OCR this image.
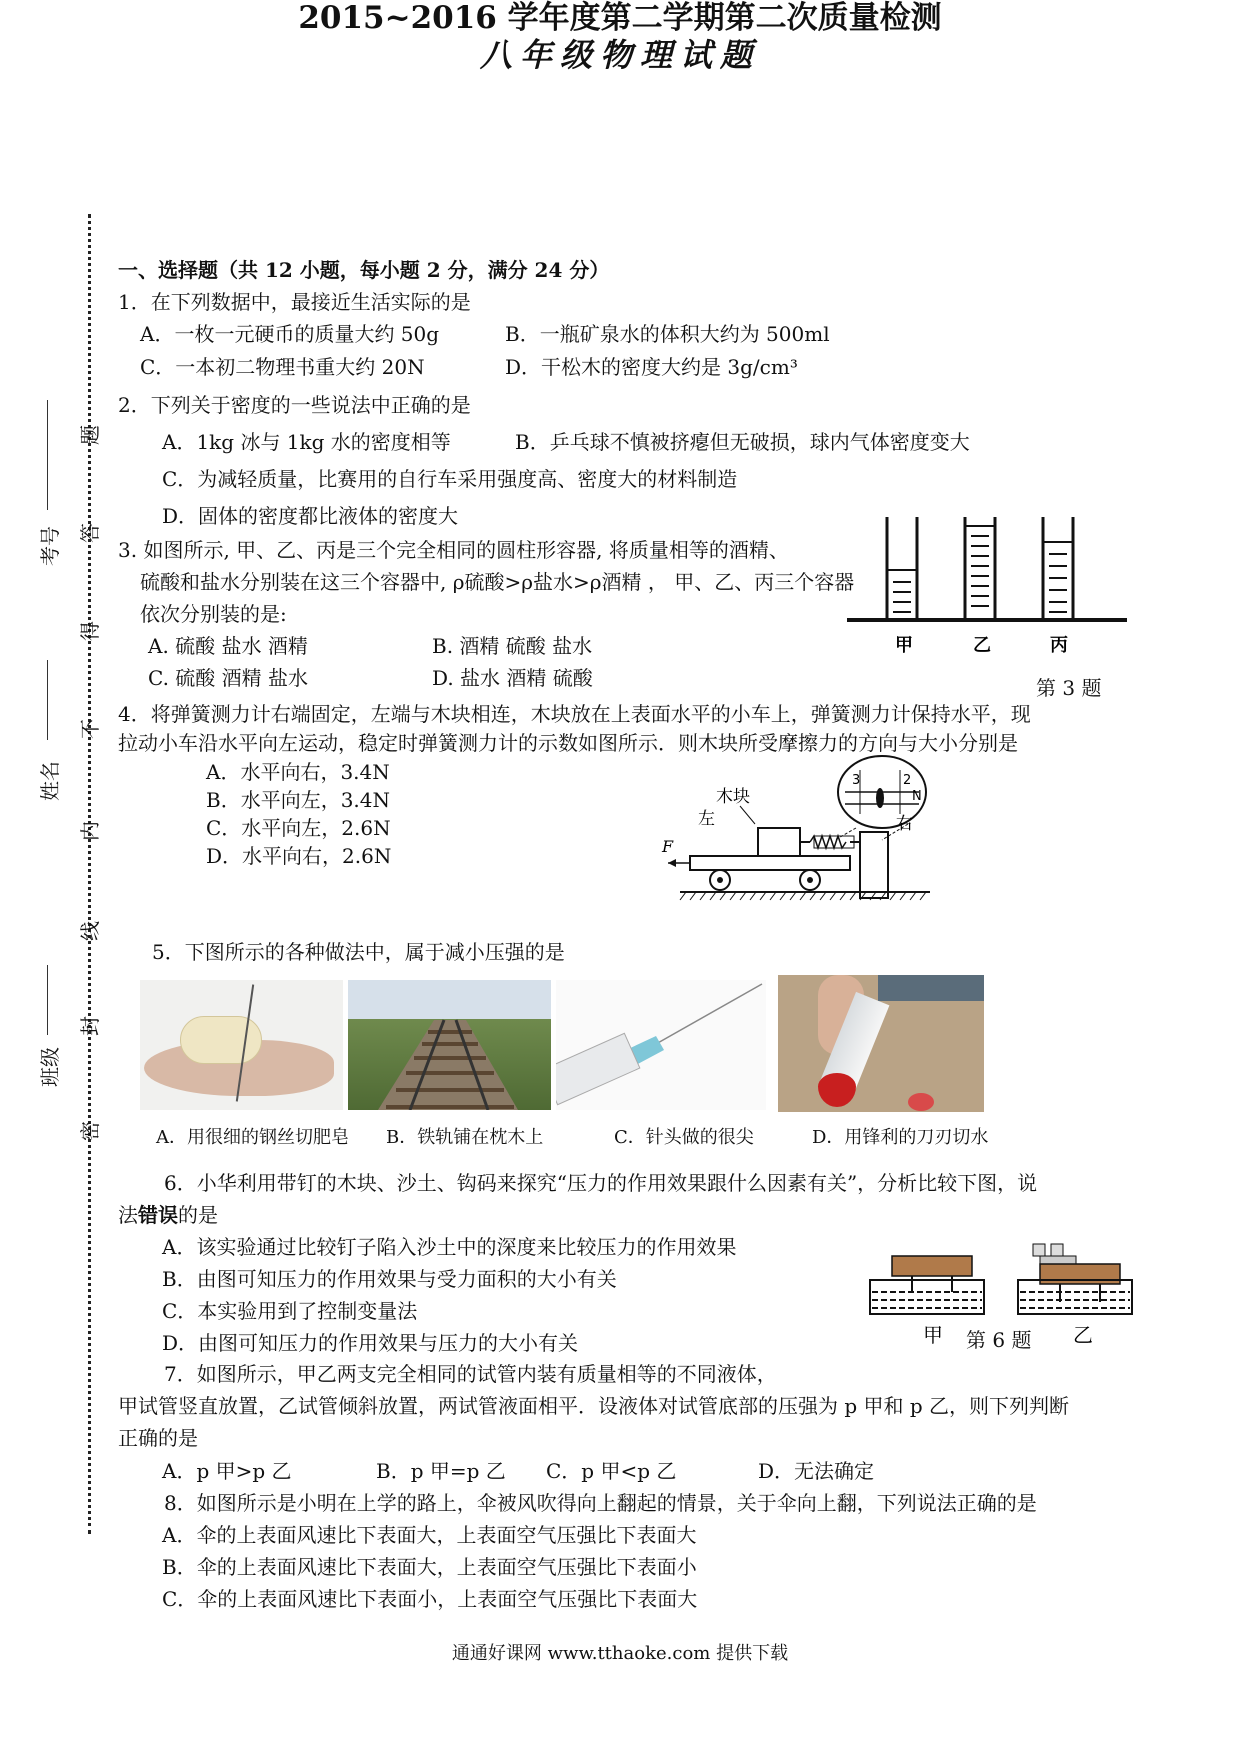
2015~2016 学年度第二学期第二次质量检测
八年级物理试题
班级
姓名
考号
密
封
线
内
不
得
答
题
一、选择题（共 12 小题，每小题 2 分，满分 24 分）
1．在下列数据中，最接近生活实际的是
A．一枚一元硬币的质量大约 50g	B．一瓶矿泉水的体积大约为 500ml
C．一本初二物理书重大约 20N	D．干松木的密度大约是 3g/cm³
2．下列关于密度的一些说法中正确的是
A．1kg 冰与 1kg 水的密度相等	B．乒乓球不慎被挤瘪但无破损，球内气体密度变大
C．为减轻质量，比赛用的自行车采用强度高、密度大的材料制造
D．固体的密度都比液体的密度大
3. 如图所示, 甲、乙、丙是三个完全相同的圆柱形容器, 将质量相等的酒精、
硫酸和盐水分别装在这三个容器中, ρ硫酸>ρ盐水>ρ酒精 ， 甲、乙、丙三个容器
依次分别装的是:
A. 硫酸 盐水 酒精	B. 酒精 硫酸 盐水
C. 硫酸 酒精 盐水	D. 盐水 酒精 硫酸
甲	乙	丙
第 3 题
4．将弹簧测力计右端固定，左端与木块相连，木块放在上表面水平的小车上，弹簧测力计保持水平，现
拉动小车沿水平向左运动，稳定时弹簧测力计的示数如图所示．则木块所受摩擦力的方向与大小分别是
A．水平向右，3.4N
B．水平向左，3.4N
C．水平向左，2.6N
D．水平向右，2.6N
3	2
N
木块
右
左
F
5．下图所示的各种做法中，属于减小压强的是
A．用很细的钢丝切肥皂 B．铁轨铺在枕木上	C．针头做的很尖	D．用锋利的刀刃切水
6．小华利用带钉的木块、沙土、钩码来探究“压力的作用效果跟什么因素有关”，分析比较下图，说
法错误的是
A．该实验通过比较钉子陷入沙土中的深度来比较压力的作用效果
B．由图可知压力的作用效果与受力面积的大小有关
C．本实验用到了控制变量法
D．由图可知压力的作用效果与压力的大小有关	甲	乙
第 6 题
7．如图所示，甲乙两支完全相同的试管内装有质量相等的不同液体，
甲试管竖直放置，乙试管倾斜放置，两试管液面相平．设液体对试管底部的压强为 p 甲和 p 乙，则下列判断
正确的是
A．p 甲>p 乙	B．p 甲=p 乙 C．p 甲<p 乙	D．无法确定
8．如图所示是小明在上学的路上，伞被风吹得向上翻起的情景，关于伞向上翻，下列说法正确的是
A．伞的上表面风速比下表面大，上表面空气压强比下表面大
B．伞的上表面风速比下表面大，上表面空气压强比下表面小
C．伞的上表面风速比下表面小，上表面空气压强比下表面大
通通好课网 www.tthaoke.com 提供下载
